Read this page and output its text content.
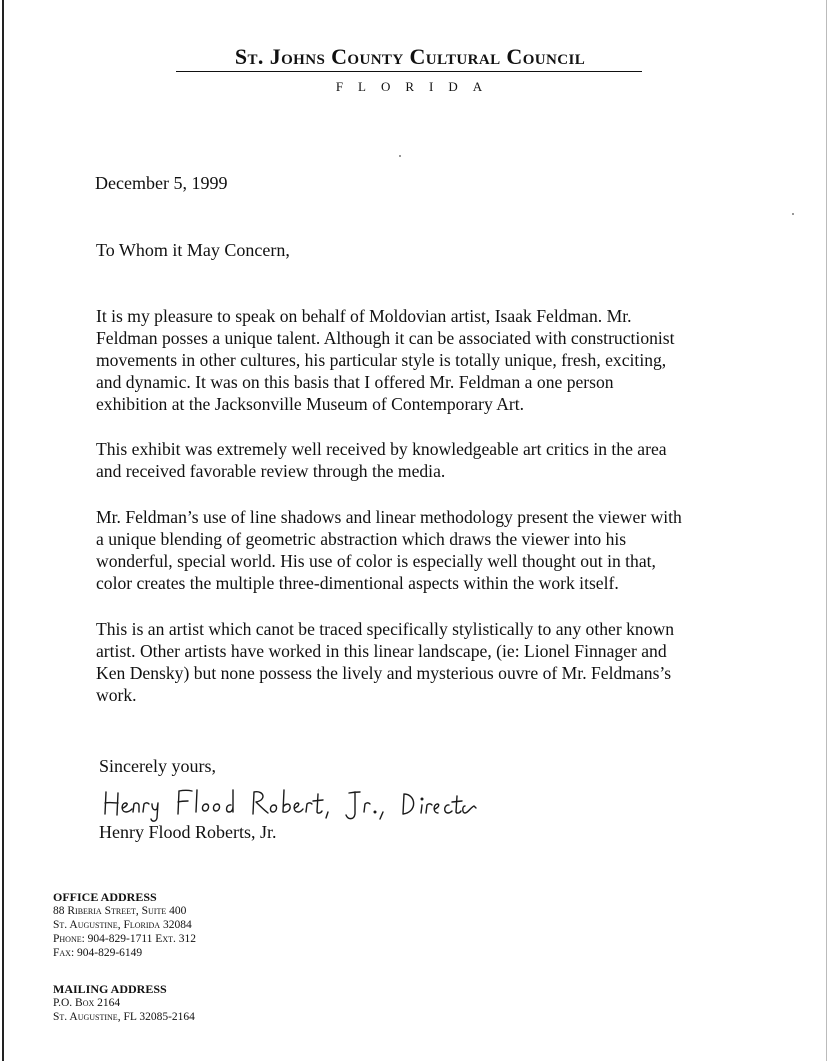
St. Johns County Cultural Council
FLORIDA
December 5, 1999
To Whom it May Concern,
It is my pleasure to speak on behalf of Moldovian artist, Isaak Feldman. Mr.
Feldman posses a unique talent. Although it can be associated with constructionist
movements in other cultures, his particular style is totally unique, fresh, exciting,
and dynamic. It was on this basis that I offered Mr. Feldman a one person
exhibition at the Jacksonville Museum of Contemporary Art.
This exhibit was extremely well received by knowledgeable art critics in the area
and received favorable review through the media.
Mr. Feldman’s use of line shadows and linear methodology present the viewer with
a unique blending of geometric abstraction which draws the viewer into his
wonderful, special world. His use of color is especially well thought out in that,
color creates the multiple three-dimentional aspects within the work itself.
This is an artist which canot be traced specifically stylistically to any other known
artist. Other artists have worked in this linear landscape, (ie: Lionel Finnager and
Ken Densky) but none possess the lively and mysterious ouvre of Mr. Feldmans’s
work.
Sincerely yours,
Henry Flood Roberts, Jr.
OFFICE ADDRESS
88 Riberia Street, Suite 400
St. Augustine, Florida 32084
Phone: 904-829-1711 Ext. 312
Fax: 904-829-6149
MAILING ADDRESS
P.O. Box 2164
St. Augustine, FL 32085-2164
